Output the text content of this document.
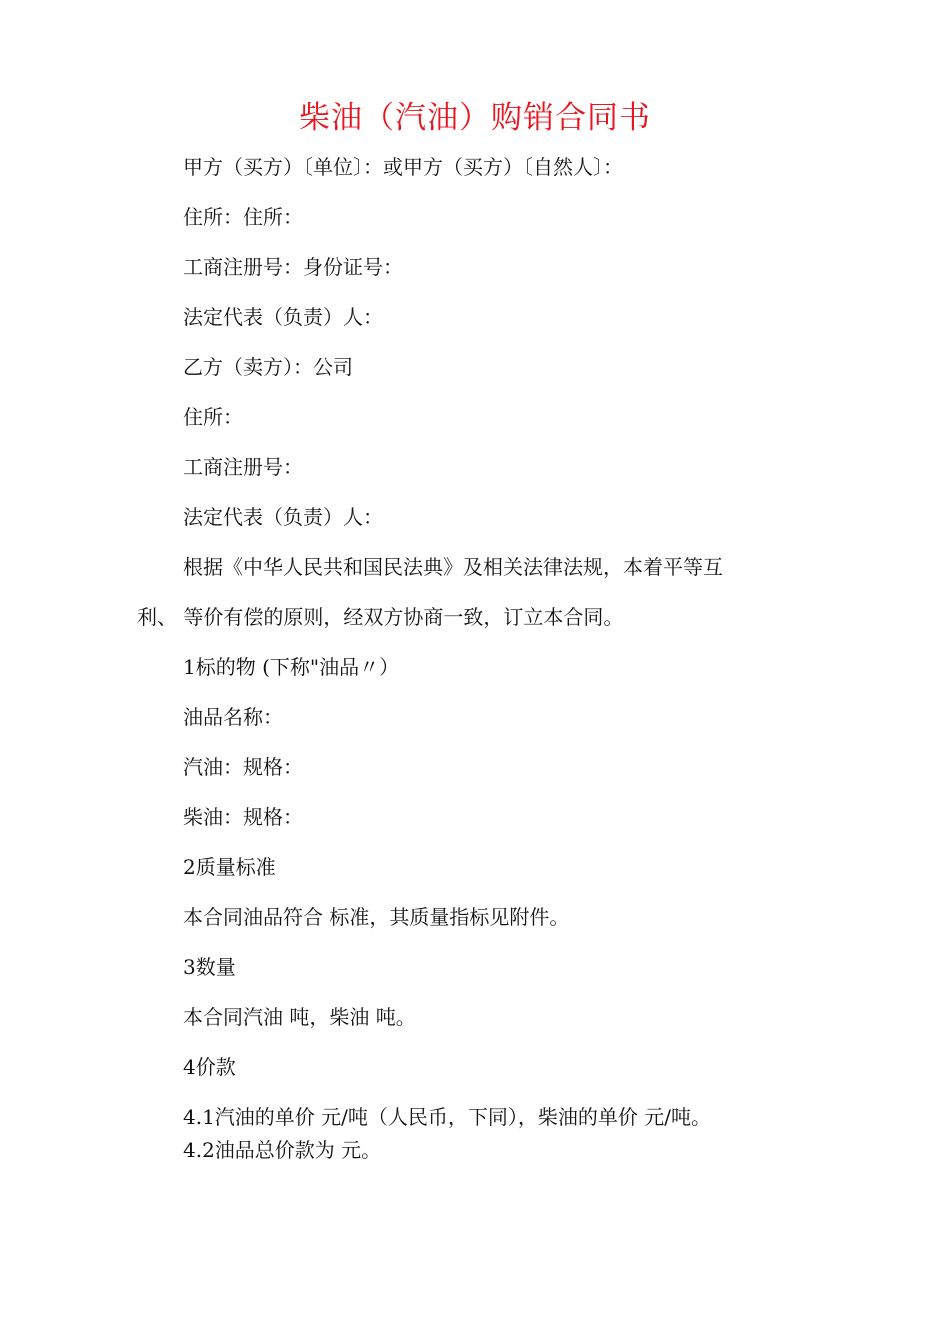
柴油（汽油）购销合同书
甲方（买方）〔单位〕：或甲方（买方）〔自然人〕：
住所：住所：
工商注册号：身份证号：
法定代表（负责）人：
乙方（卖方）：公司
住所：
工商注册号：
法定代表（负责）人：
根据《中华人民共和国民法典》及相关法律法规，本着平等互
利、 等价有偿的原则，经双方协商一致，订立本合同。
1标的物 (下称"油品〃）
油品名称：
汽油：规格：
柴油：规格：
2质量标准
本合同油品符合 标准，其质量指标见附件。
3数量
本合同汽油 吨，柴油 吨。
4价款
4.1汽油的单价 元/吨（人民币，下同），柴油的单价 元/吨。
4.2油品总价款为 元。
